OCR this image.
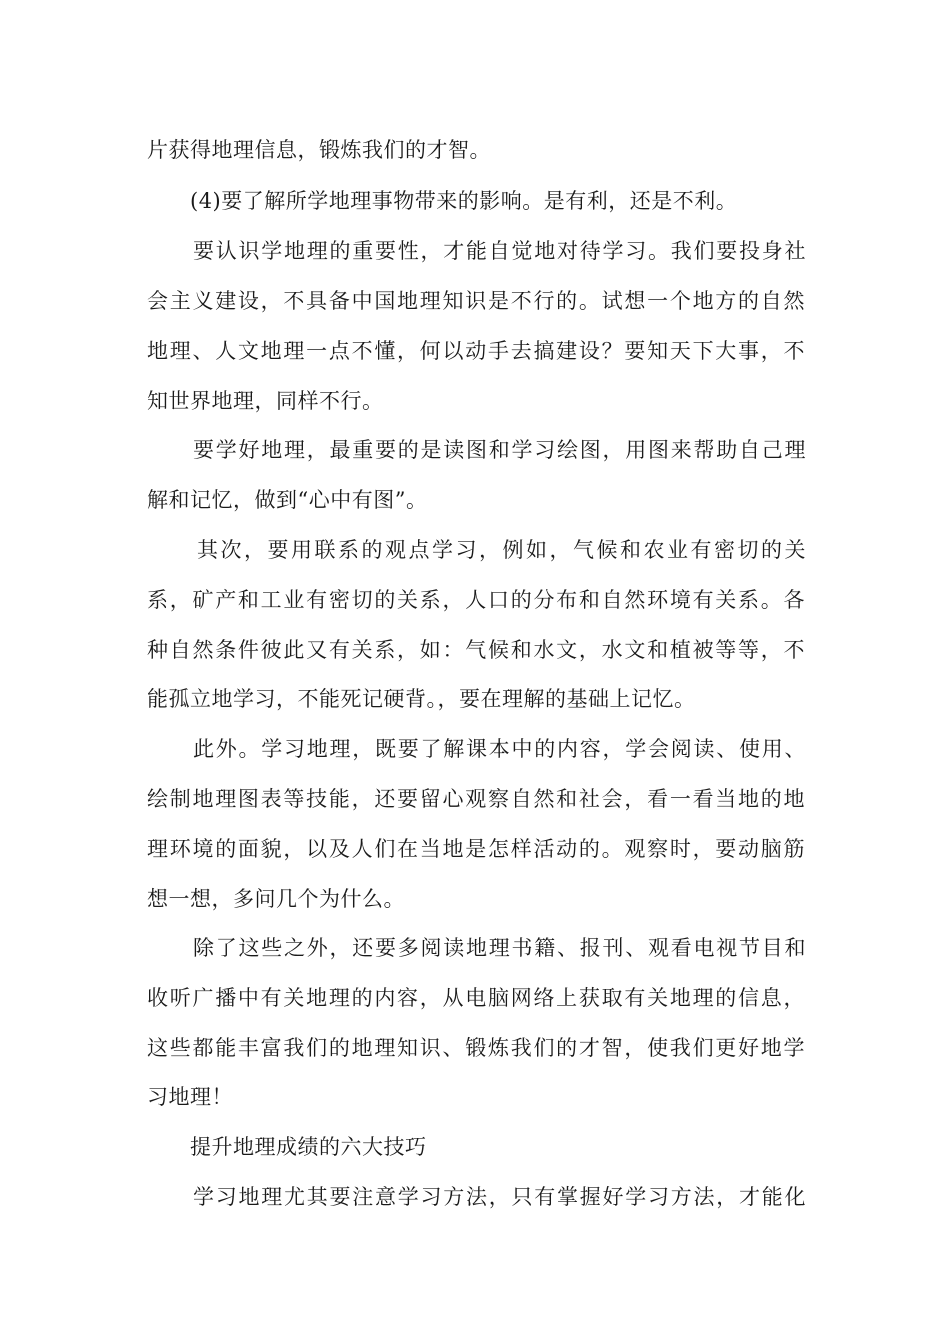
片获得地理信息，锻炼我们的才智。

(4)要了解所学地理事物带来的影响。是有利，还是不利。

要认识学地理的重要性，才能自觉地对待学习。我们要投身社

会主义建设，不具备中国地理知识是不行的。试想一个地方的自然

地理、人文地理一点不懂，何以动手去搞建设？要知天下大事，不

知世界地理，同样不行。

要学好地理，最重要的是读图和学习绘图，用图来帮助自己理

解和记忆，做到“心中有图”。

其次，要用联系的观点学习，例如，气候和农业有密切的关

系，矿产和工业有密切的关系，人口的分布和自然环境有关系。各

种自然条件彼此又有关系，如：气候和水文，水文和植被等等，不

能孤立地学习，不能死记硬背。，要在理解的基础上记忆。

此外。学习地理，既要了解课本中的内容，学会阅读、使用、

绘制地理图表等技能，还要留心观察自然和社会，看一看当地的地

理环境的面貌，以及人们在当地是怎样活动的。观察时，要动脑筋

想一想，多问几个为什么。

除了这些之外，还要多阅读地理书籍、报刊、观看电视节目和

收听广播中有关地理的内容，从电脑网络上获取有关地理的信息，

这些都能丰富我们的地理知识、锻炼我们的才智，使我们更好地学

习地理！

提升地理成绩的六大技巧

学习地理尤其要注意学习方法，只有掌握好学习方法，才能化
